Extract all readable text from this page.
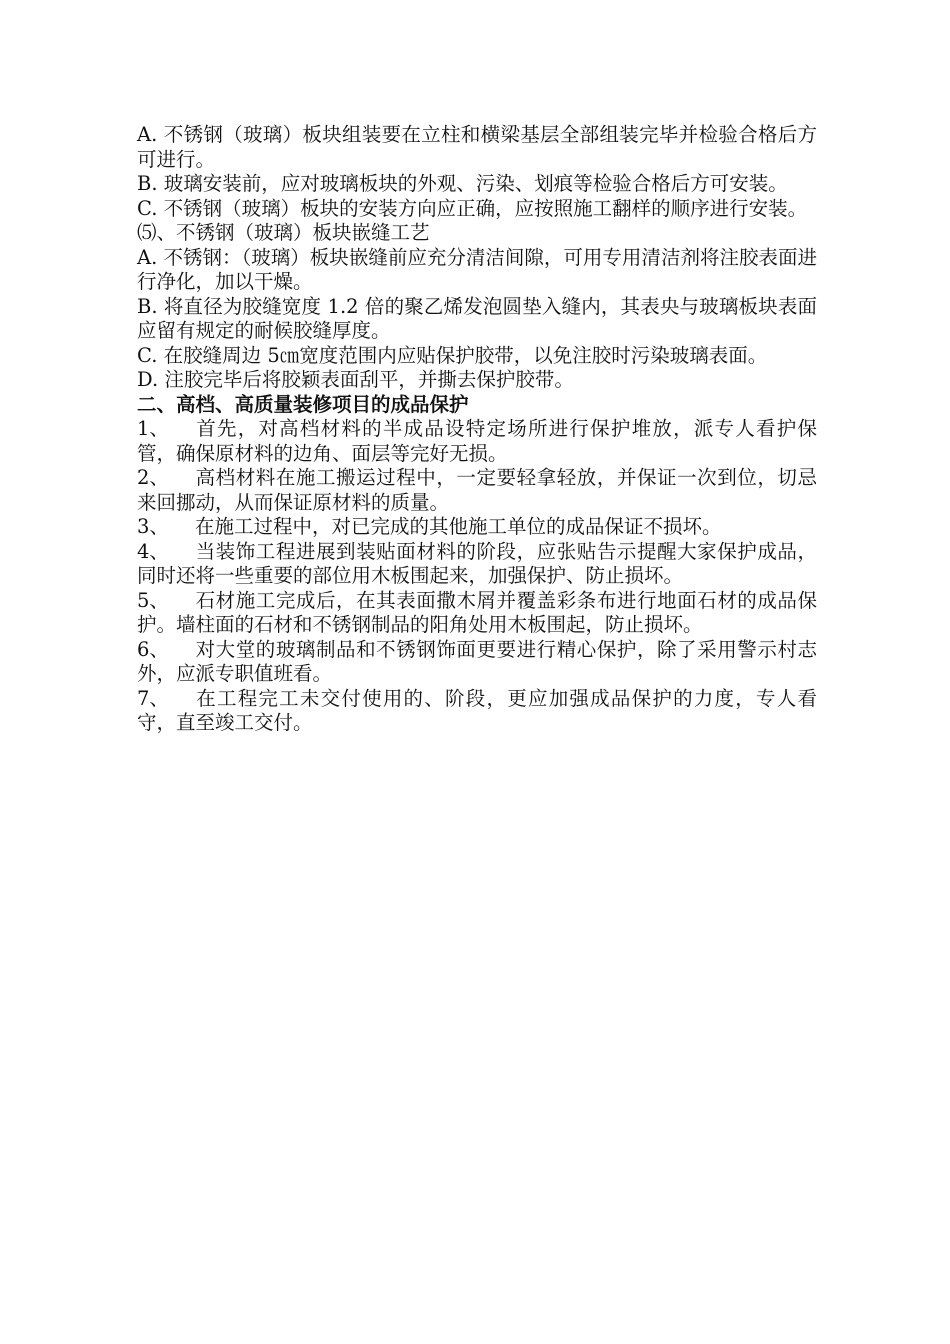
A. 不锈钢（玻璃）板块组装要在立柱和横梁基层全部组装完毕并检验合格后方可进行。

B. 玻璃安装前，应对玻璃板块的外观、污染、划痕等检验合格后方可安装。

C. 不锈钢（玻璃）板块的安装方向应正确，应按照施工翻样的顺序进行安装。

⑸、不锈钢（玻璃）板块嵌缝工艺

A. 不锈钢：（玻璃）板块嵌缝前应充分清洁间隙，可用专用清洁剂将注胶表面进行净化，加以干燥。

B. 将直径为胶缝宽度 1.2 倍的聚乙烯发泡圆垫入缝内，其表央与玻璃板块表面应留有规定的耐候胶缝厚度。

C. 在胶缝周边 5㎝宽度范围内应贴保护胶带，以免注胶时污染玻璃表面。

D. 注胶完毕后将胶颖表面刮平，并撕去保护胶带。

二、高档、高质量装修项目的成品保护

1、 首先，对高档材料的半成品设特定场所进行保护堆放，派专人看护保管，确保原材料的边角、面层等完好无损。

2、 高档材料在施工搬运过程中，一定要轻拿轻放，并保证一次到位，切忌来回挪动，从而保证原材料的质量。

3、 在施工过程中，对已完成的其他施工单位的成品保证不损坏。

4、 当装饰工程进展到装贴面材料的阶段，应张贴告示提醒大家保护成品，同时还将一些重要的部位用木板围起来，加强保护、防止损坏。

5、 石材施工完成后，在其表面撒木屑并覆盖彩条布进行地面石材的成品保护。墙柱面的石材和不锈钢制品的阳角处用木板围起，防止损坏。

6、 对大堂的玻璃制品和不锈钢饰面更要进行精心保护，除了采用警示村志外，应派专职值班看。

7、 在工程完工未交付使用的、阶段，更应加强成品保护的力度，专人看守，直至竣工交付。
